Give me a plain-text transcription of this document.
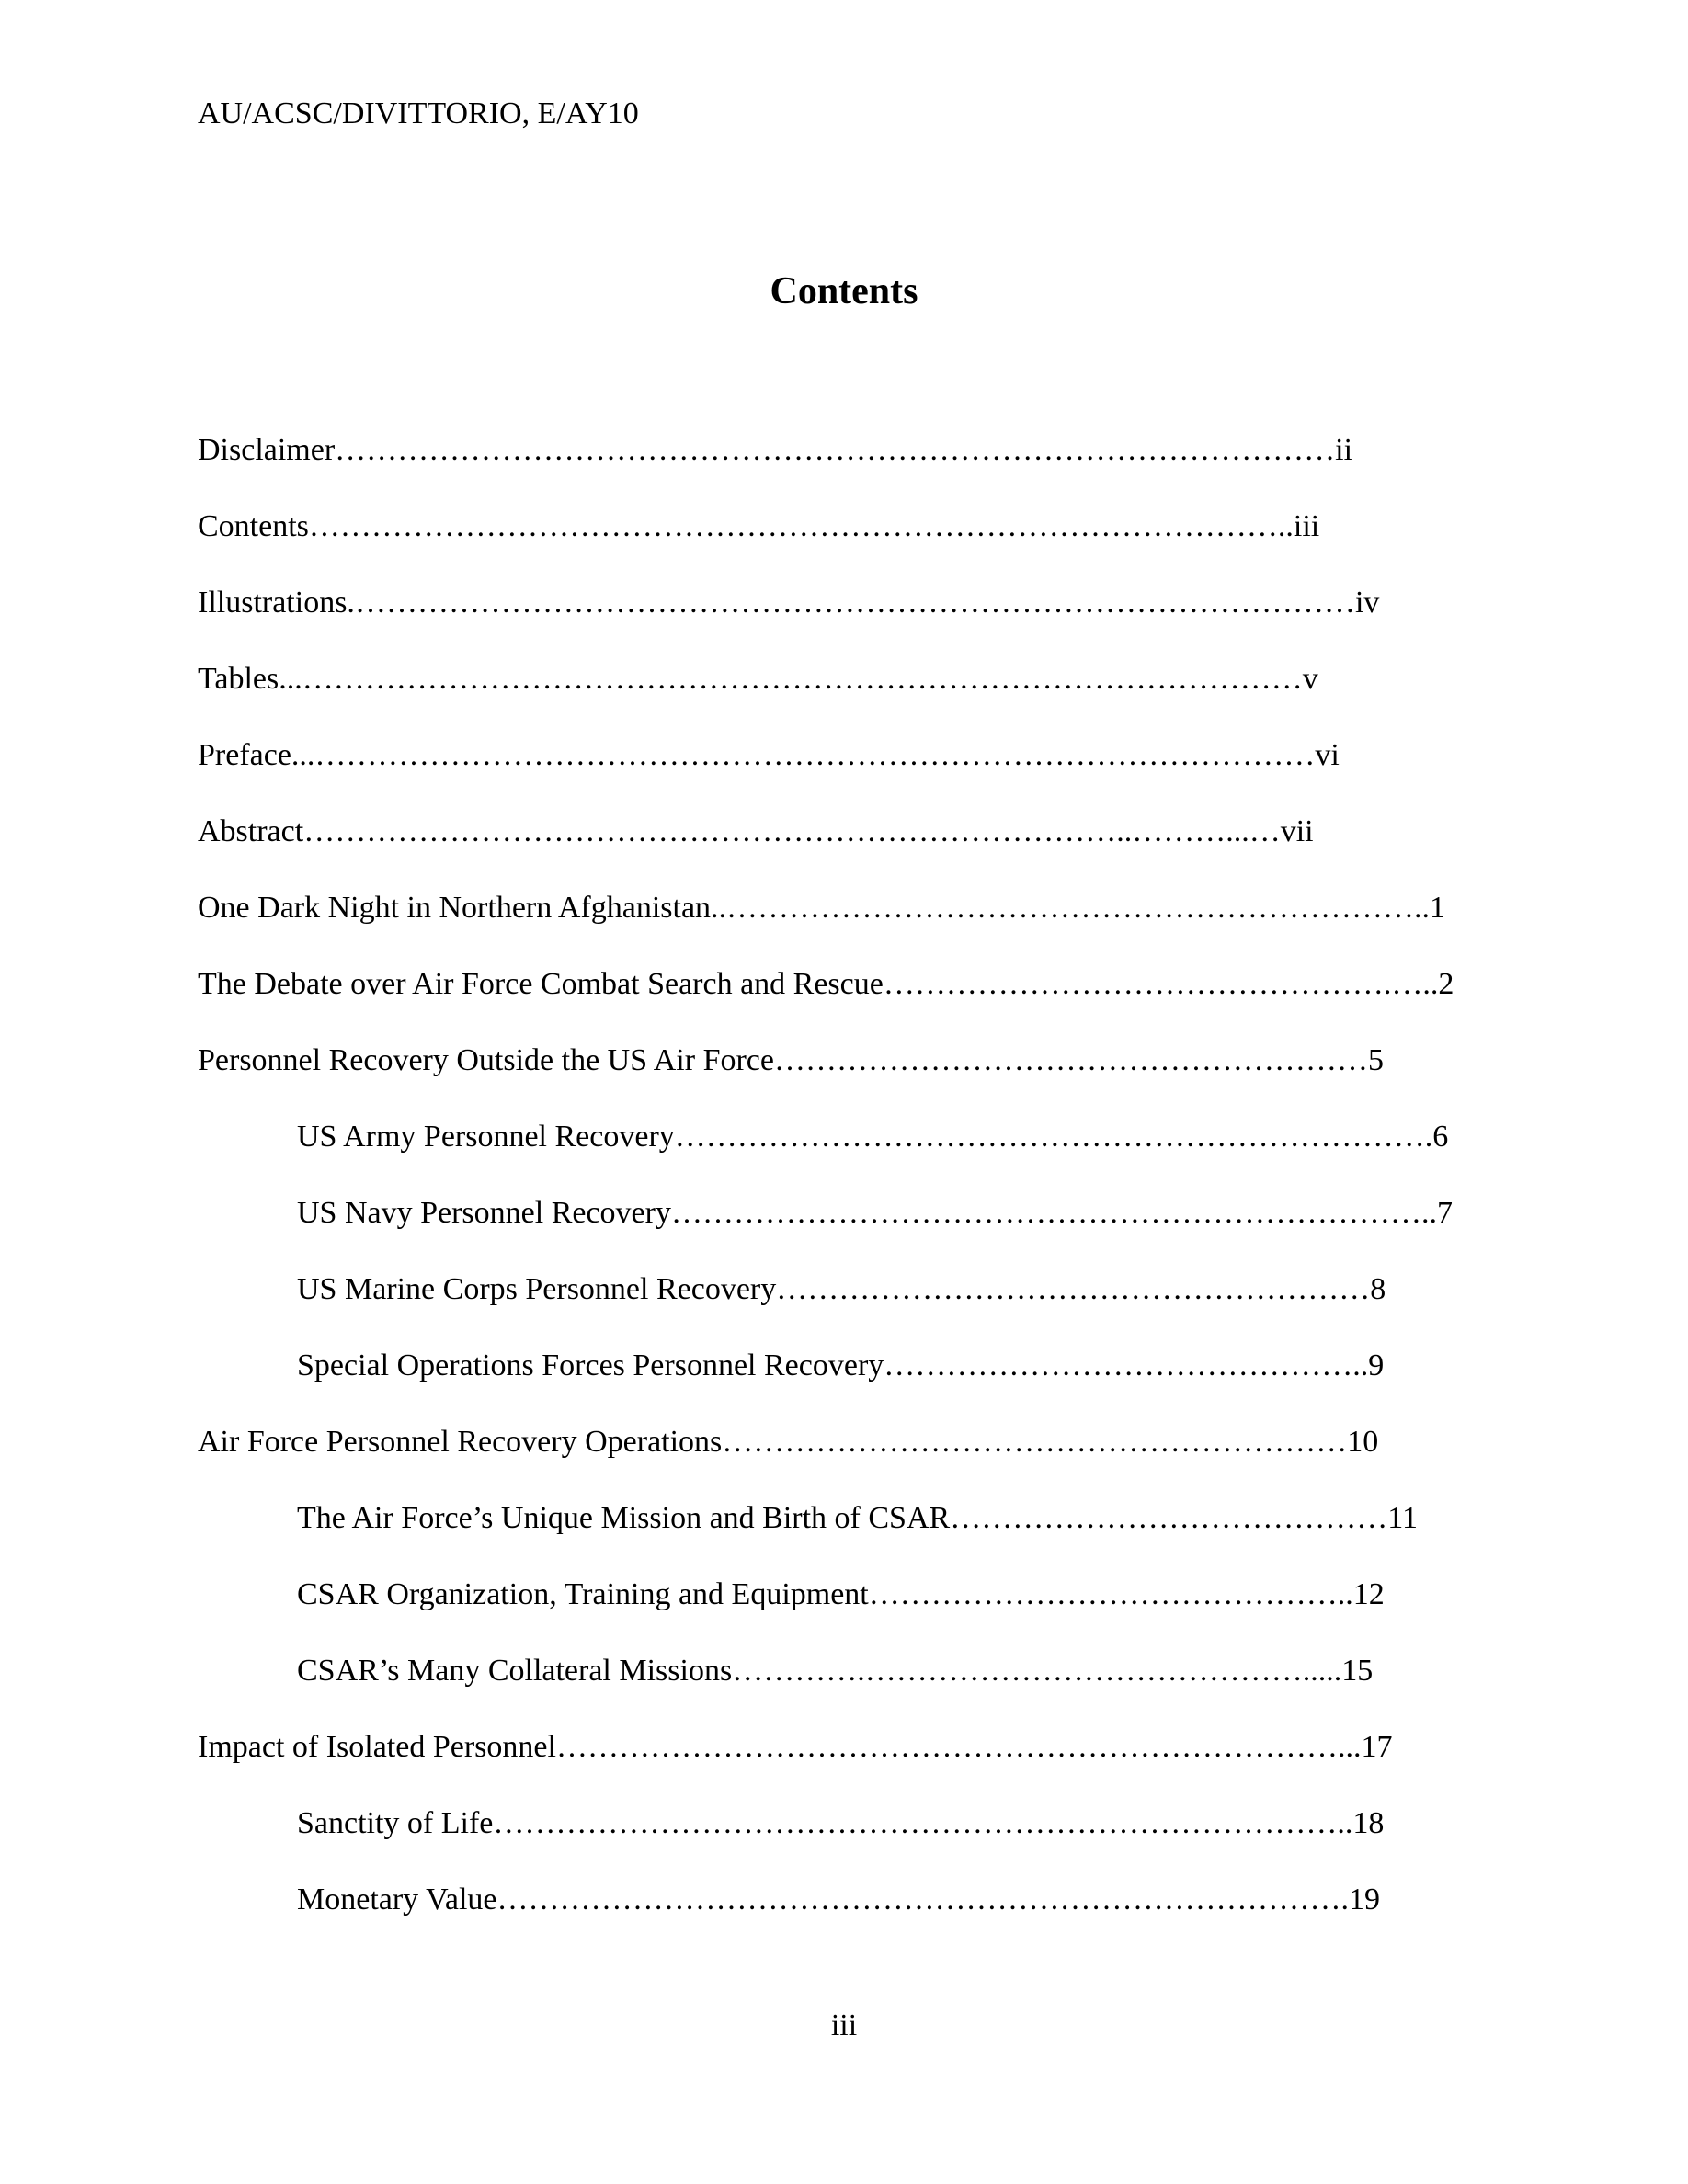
AU/ACSC/DIVITTORIO, E/AY10
Contents
Disclaimer……………………………………………………………………………………ii
Contents…………………………………………………………………………………..iii
Illustrations.……………………………………………………………………………………iv
Tables...……………………………………………………………………………………v
Preface...……………………………………………………………………………………vi
Abstract……………………………………………………………………..………...…vii
One Dark Night in Northern Afghanistan..…………………………………………………………..1
The Debate over Air Force Combat Search and Rescue………………………………………….…..2
Personnel Recovery Outside the US Air Force…………………………………………………5
US Army Personnel Recovery……………………………………………………………….6
US Navy Personnel Recovery………………………………………………………………..7
US Marine Corps Personnel Recovery…………………………………………………8
Special Operations Forces Personnel Recovery………………………………………..9
Air Force Personnel Recovery Operations……………………………………………………10
The Air Force’s Unique Mission and Birth of CSAR……………………………………11
CSAR Organization, Training and Equipment………………………………………..12
CSAR’s Many Collateral Missions………….…………………………………….....15
Impact of Isolated Personnel…………………………………………………………………...17
Sanctity of Life………………………………………………………………………..18
Monetary Value……………………………………………………………………….19
iii
